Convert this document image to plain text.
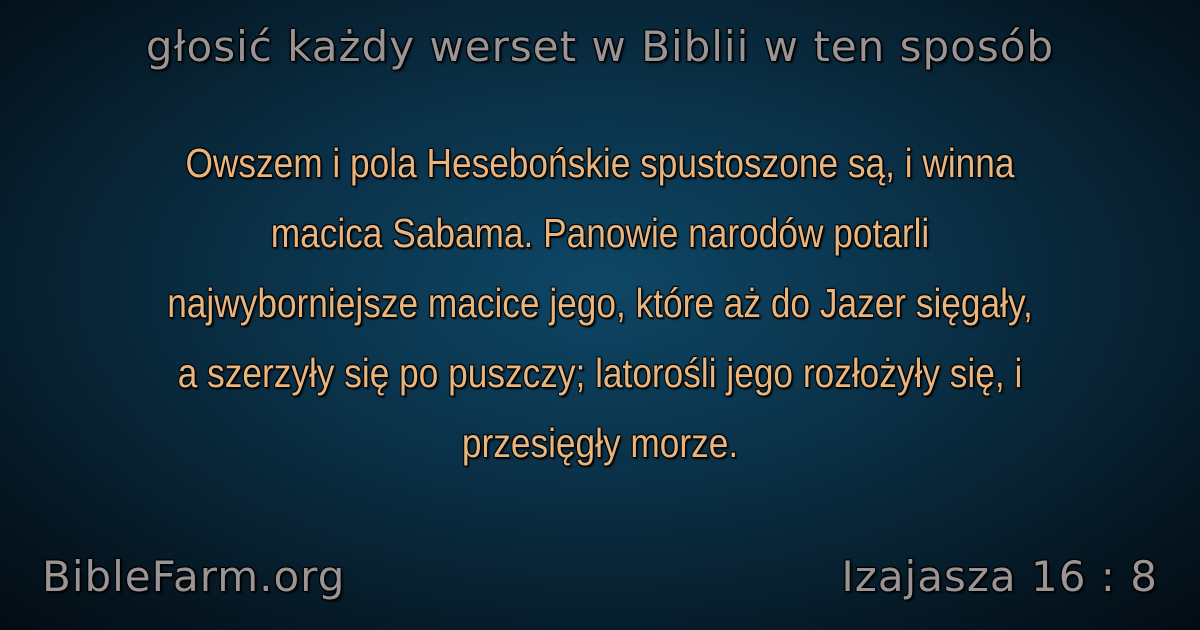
głosić każdy werset w Biblii w ten sposób
Owszem i pola Hesebońskie spustoszone są, i winna
macica Sabama. Panowie narodów potarli
najwyborniejsze macice jego, które aż do Jazer sięgały,
a szerzyły się po puszczy; latorośli jego rozłożyły się, i
przesięgły morze.
BibleFarm.org	Izajasza 16 : 8
